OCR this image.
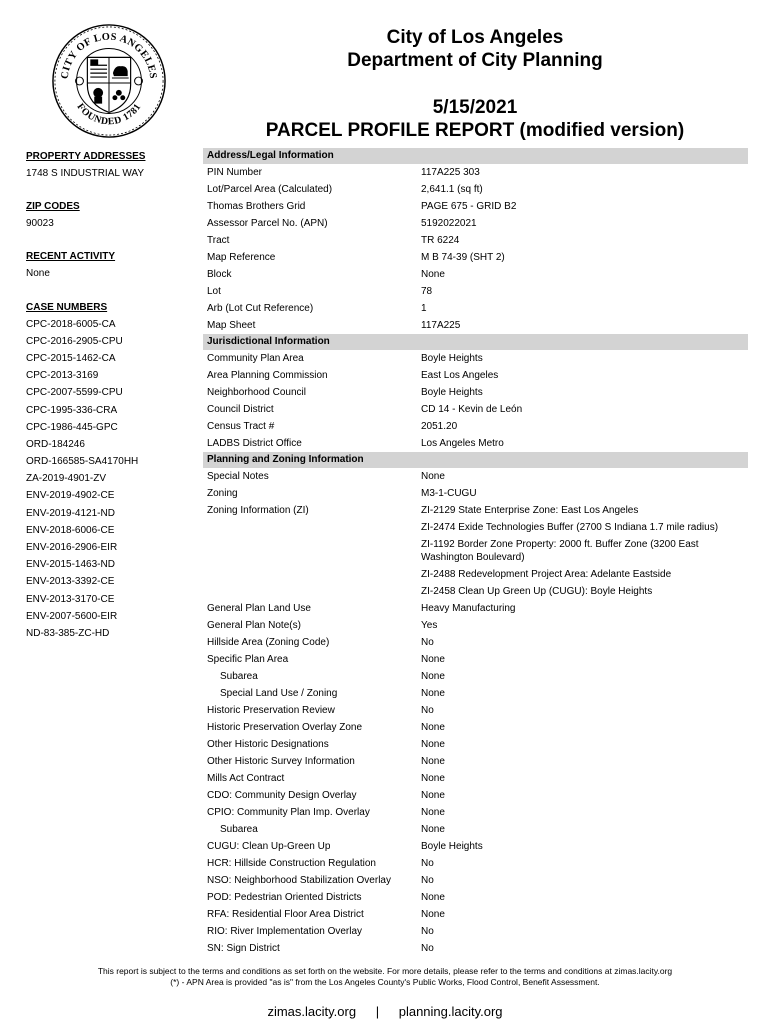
CITY OF LOS ANGELES
FOUNDED 1781
City of Los Angeles
Department of City Planning
5/15/2021
PARCEL PROFILE REPORT (modified version)
PROPERTY ADDRESSES
1748 S INDUSTRIAL WAY
ZIP CODES
90023
RECENT ACTIVITY
None
CASE NUMBERS
CPC-2018-6005-CA
CPC-2016-2905-CPU
CPC-2015-1462-CA
CPC-2013-3169
CPC-2007-5599-CPU
CPC-1995-336-CRA
CPC-1986-445-GPC
ORD-184246
ORD-166585-SA4170HH
ZA-2019-4901-ZV
ENV-2019-4902-CE
ENV-2019-4121-ND
ENV-2018-6006-CE
ENV-2016-2906-EIR
ENV-2015-1463-ND
ENV-2013-3392-CE
ENV-2013-3170-CE
ENV-2007-5600-EIR
ND-83-385-ZC-HD
Address/Legal Information
PIN Number	117A225 303
Lot/Parcel Area (Calculated)	2,641.1 (sq ft)
Thomas Brothers Grid	PAGE 675 - GRID B2
Assessor Parcel No. (APN)	5192022021
Tract	TR 6224
Map Reference	M B 74-39 (SHT 2)
Block	None
Lot	78
Arb (Lot Cut Reference)	1
Map Sheet	117A225
Jurisdictional Information
Community Plan Area	Boyle Heights
Area Planning Commission	East Los Angeles
Neighborhood Council	Boyle Heights
Council District	CD 14 - Kevin de León
Census Tract #	2051.20
LADBS District Office	Los Angeles Metro
Planning and Zoning Information
Special Notes	None
Zoning	M3-1-CUGU
Zoning Information (ZI)	ZI-2129 State Enterprise Zone: East Los Angeles
ZI-2474 Exide Technologies Buffer (2700 S Indiana 1.7 mile radius)
ZI-1192 Border Zone Property: 2000 ft. Buffer Zone (3200 East Washington Boulevard)
ZI-2488 Redevelopment Project Area: Adelante Eastside
ZI-2458 Clean Up Green Up (CUGU): Boyle Heights
General Plan Land Use	Heavy Manufacturing
General Plan Note(s)	Yes
Hillside Area (Zoning Code)	No
Specific Plan Area	None
Subarea	None
Special Land Use / Zoning	None
Historic Preservation Review	No
Historic Preservation Overlay Zone	None
Other Historic Designations	None
Other Historic Survey Information	None
Mills Act Contract	None
CDO: Community Design Overlay	None
CPIO: Community Plan Imp. Overlay	None
Subarea	None
CUGU: Clean Up-Green Up	Boyle Heights
HCR: Hillside Construction Regulation	No
NSO: Neighborhood Stabilization Overlay	No
POD: Pedestrian Oriented Districts	None
RFA: Residential Floor Area District	None
RIO: River Implementation Overlay	No
SN: Sign District	No
This report is subject to the terms and conditions as set forth on the website. For more details, please refer to the terms and conditions at zimas.lacity.org
(*) - APN Area is provided "as is" from the Los Angeles County's Public Works, Flood Control, Benefit Assessment.
zimas.lacity.org | planning.lacity.org
